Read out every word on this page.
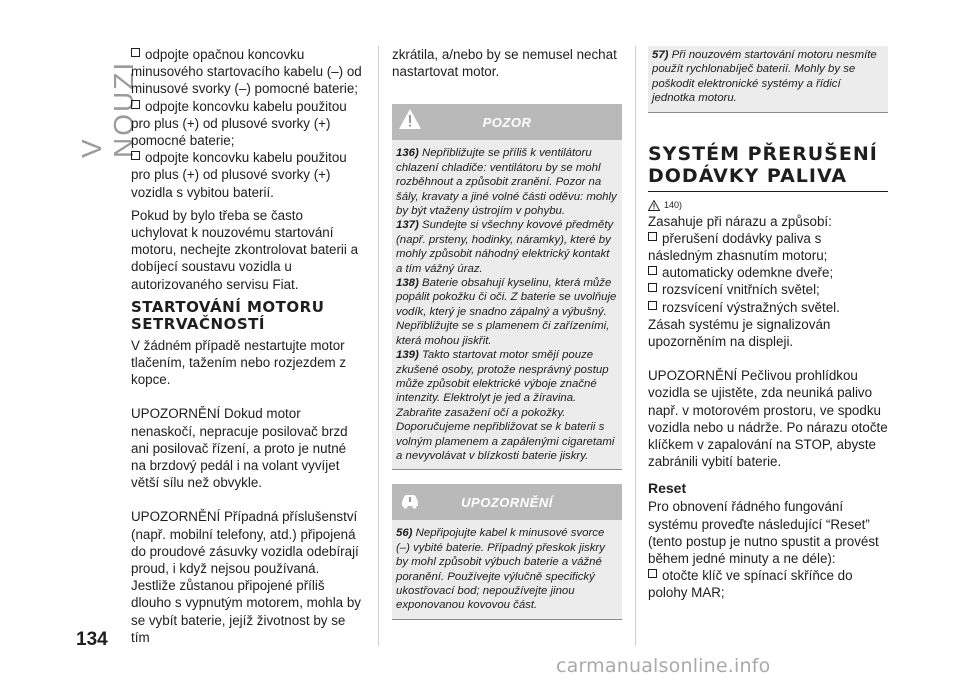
V NOUZI
134
carmanualsonline.info
odpojte opačnou koncovku minusového startovacího kabelu (–) od minusové svorky (–) pomocné baterie;
odpojte koncovku kabelu použitou pro plus (+) od plusové svorky (+) pomocné baterie;
odpojte koncovku kabelu použitou pro plus (+) od plusové svorky (+) vozidla s vybitou baterií.

Pokud by bylo třeba se často uchylovat k nouzovému startování motoru, nechejte zkontrolovat baterii a dobíjecí soustavu vozidla u autorizovaného servisu Fiat.

STARTOVÁNÍ MOTORU SETRVAČNOSTÍ

V žádném případě nestartujte motor tlačením, tažením nebo rozjezdem z kopce.

UPOZORNĚNÍ Dokud motor nenaskočí, nepracuje posilovač brzd ani posilovač řízení, a proto je nutné na brzdový pedál i na volant vyvíjet větší sílu než obvykle.

UPOZORNĚNÍ Případná příslušenství (např. mobilní telefony, atd.) připojená do proudové zásuvky vozidla odebírají proud, i když nejsou používaná. Jestliže zůstanou připojené příliš dlouho s vypnutým motorem, mohla by se vybít baterie, jejíž životnost by se tím

zkrátila, a/nebo by se nemusel nechat nastartovat motor.

POZOR
136) Nepřibližujte se příliš k ventilátoru chlazení chladiče: ventilátoru by se mohl rozběhnout a způsobit zranění. Pozor na šály, kravaty a jiné volné části oděvu: mohly by být vtaženy ústrojím v pohybu.
137) Sundejte si všechny kovové předměty (např. prsteny, hodinky, náramky), které by mohly způsobit náhodný elektrický kontakt a tím vážný úraz.
138) Baterie obsahují kyselinu, která může popálit pokožku či oči. Z baterie se uvolňuje vodík, který je snadno zápalný a výbušný. Nepřibližujte se s plamenem či zařízeními, která mohou jiskřit.
139) Takto startovat motor smějí pouze zkušené osoby, protože nesprávný postup může způsobit elektrické výboje značné intenzity. Elektrolyt je jed a žíravina. Zabraňte zasažení očí a pokožky. Doporučujeme nepřibližovat se k baterii s volným plamenem a zapálenými cigaretami a nevyvolávat v blízkosti baterie jiskry.
UPOZORNĚNÍ
56) Nepřipojujte kabel k minusové svorce (–) vybité baterie. Případný přeskok jiskry by mohl způsobit výbuch baterie a vážné poranění. Používejte výlučně specifický ukostřovací bod; nepoužívejte jinou exponovanou kovovou část.
57) Při nouzovém startování motoru nesmíte použít rychlonabíječ baterií. Mohly by se poškodit elektronické systémy a řídicí jednotka motoru.
SYSTÉM PŘERUŠENÍ DODÁVKY PALIVA
140)

Zasahuje při nárazu a způsobí:

přerušení dodávky paliva s následným zhasnutím motoru;
automaticky odemkne dveře;
rozsvícení vnitřních světel;
rozsvícení výstražných světel.

Zásah systému je signalizován upozorněním na displeji.

UPOZORNĚNÍ Pečlivou prohlídkou vozidla se ujistěte, zda neuniká palivo např. v motorovém prostoru, ve spodku vozidla nebo u nádrže. Po nárazu otočte klíčkem v zapalování na STOP, abyste zabránili vybití baterie.

Reset

Pro obnovení řádného fungování systému proveďte následující “Reset” (tento postup je nutno spustit a provést během jedné minuty a ne déle):

otočte klíč ve spínací skříňce do polohy MAR;
